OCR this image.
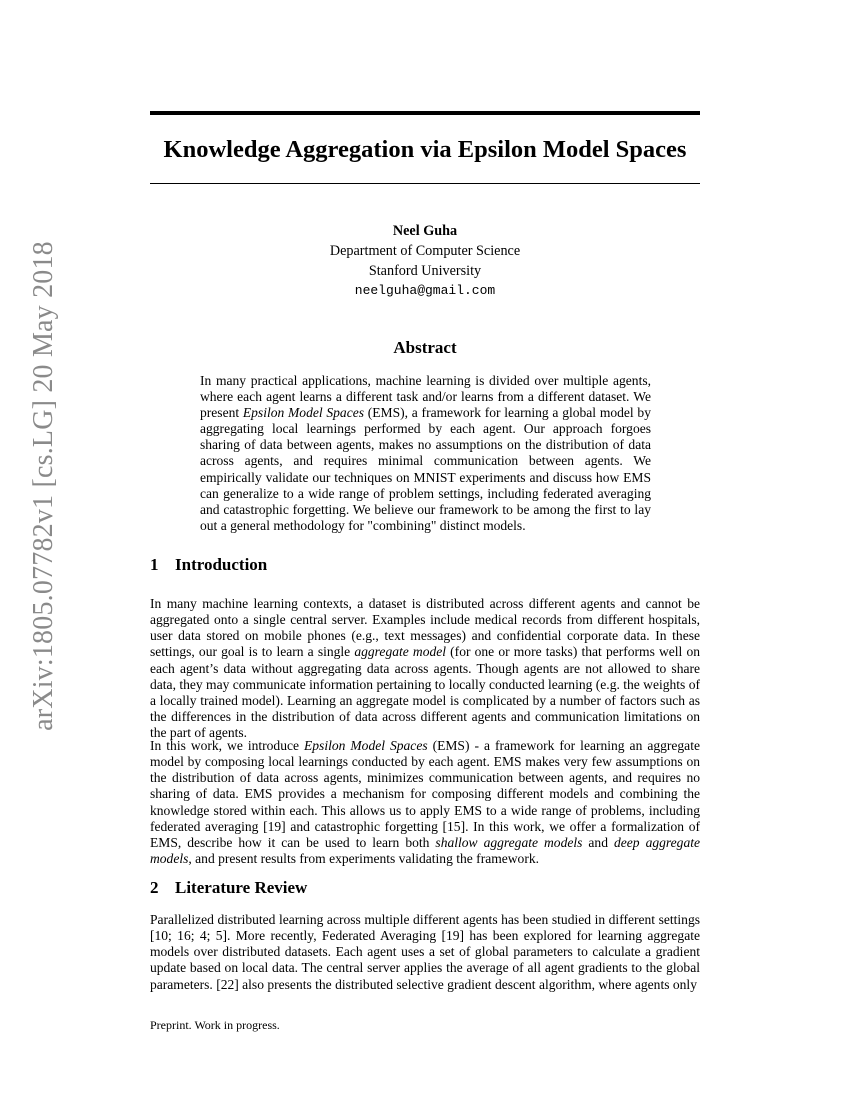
arXiv:1805.07782v1 [cs.LG] 20 May 2018
Knowledge Aggregation via Epsilon Model Spaces
Neel Guha
Department of Computer Science
Stanford University
neelguha@gmail.com
Abstract

In many practical applications, machine learning is divided over multiple agents, where each agent learns a different task and/or learns from a different dataset. We present Epsilon Model Spaces (EMS), a framework for learning a global model by aggregating local learnings performed by each agent. Our approach forgoes sharing of data between agents, makes no assumptions on the distribution of data across agents, and requires minimal communication between agents. We empirically validate our techniques on MNIST experiments and discuss how EMS can generalize to a wide range of problem settings, including federated averaging and catastrophic forgetting. We believe our framework to be among the first to lay out a general methodology for "combining" distinct models.

1 Introduction

In many machine learning contexts, a dataset is distributed across different agents and cannot be aggregated onto a single central server. Examples include medical records from different hospitals, user data stored on mobile phones (e.g., text messages) and confidential corporate data. In these settings, our goal is to learn a single aggregate model (for one or more tasks) that performs well on each agent’s data without aggregating data across agents. Though agents are not allowed to share data, they may communicate information pertaining to locally conducted learning (e.g. the weights of a locally trained model). Learning an aggregate model is complicated by a number of factors such as the differences in the distribution of data across different agents and communication limitations on the part of agents.

In this work, we introduce Epsilon Model Spaces (EMS) - a framework for learning an aggregate model by composing local learnings conducted by each agent. EMS makes very few assumptions on the distribution of data across agents, minimizes communication between agents, and requires no sharing of data. EMS provides a mechanism for composing different models and combining the knowledge stored within each. This allows us to apply EMS to a wide range of problems, including federated averaging [19] and catastrophic forgetting [15]. In this work, we offer a formalization of EMS, describe how it can be used to learn both shallow aggregate models and deep aggregate models, and present results from experiments validating the framework.

2 Literature Review

Parallelized distributed learning across multiple different agents has been studied in different settings [10; 16; 4; 5]. More recently, Federated Averaging [19] has been explored for learning aggregate models over distributed datasets. Each agent uses a set of global parameters to calculate a gradient update based on local data. The central server applies the average of all agent gradients to the global parameters. [22] also presents the distributed selective gradient descent algorithm, where agents only

Preprint. Work in progress.
